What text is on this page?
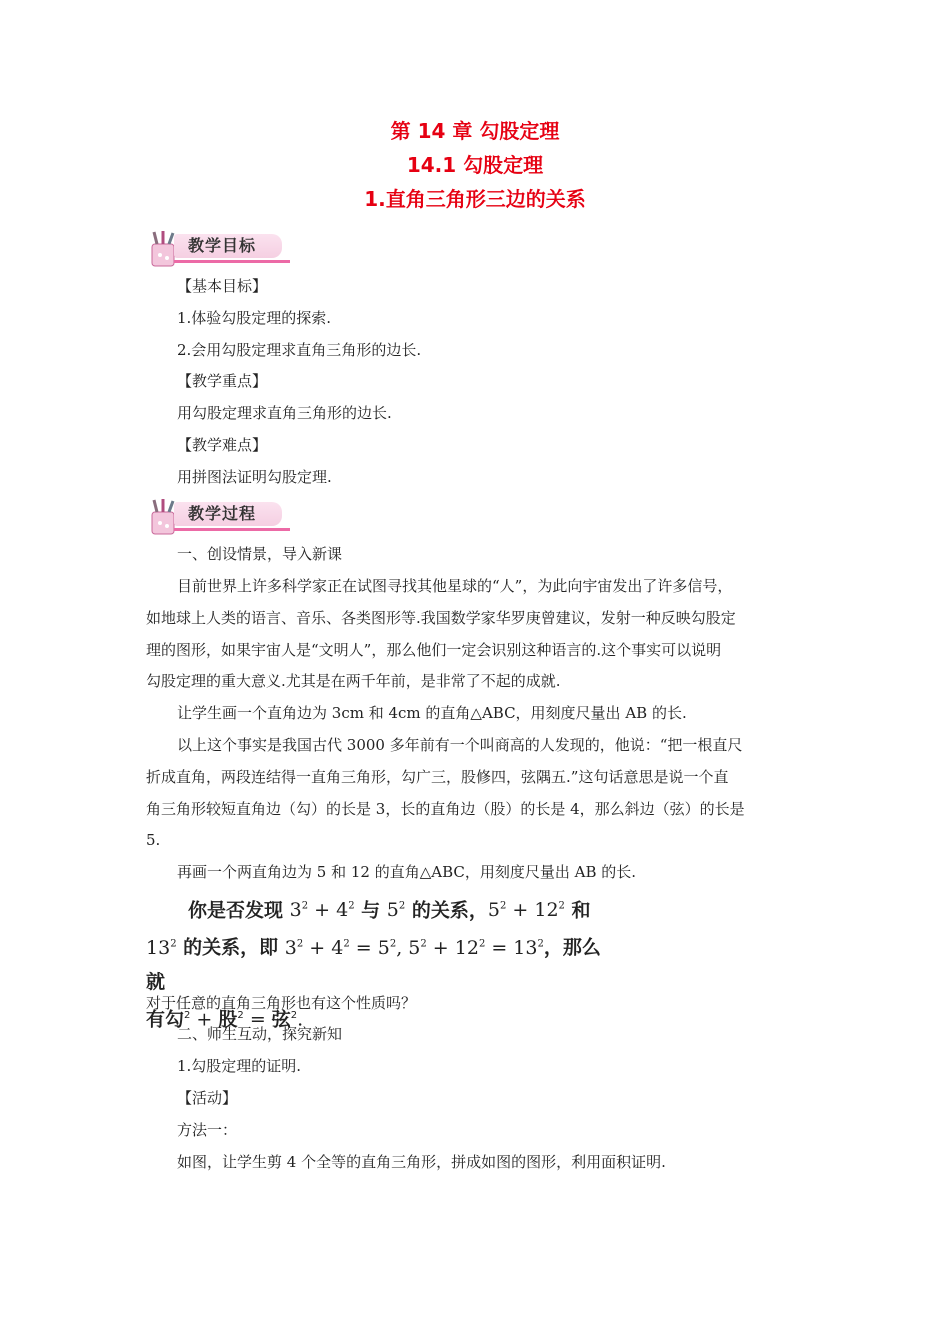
第 14 章 勾股定理
14.1 勾股定理
1.直角三角形三边的关系
教学目标
【基本目标】
1.体验勾股定理的探索.
2.会用勾股定理求直角三角形的边长.
【教学重点】
用勾股定理求直角三角形的边长.
【教学难点】
用拼图法证明勾股定理.
教学过程
一、创设情景，导入新课
目前世界上许多科学家正在试图寻找其他星球的“人”，为此向宇宙发出了许多信号，
如地球上人类的语言、音乐、各类图形等.我国数学家华罗庚曾建议，发射一种反映勾股定
理的图形，如果宇宙人是“文明人”，那么他们一定会识别这种语言的.这个事实可以说明
勾股定理的重大意义.尤其是在两千年前，是非常了不起的成就.
让学生画一个直角边为 3cm 和 4cm 的直角△ABC，用刻度尺量出 AB 的长.
以上这个事实是我国古代 3000 多年前有一个叫商高的人发现的，他说：“把一根直尺
折成直角，两段连结得一直角三角形，勾广三，股修四，弦隅五.”这句话意思是说一个直
角三角形较短直角边（勾）的长是 3，长的直角边（股）的长是 4，那么斜边（弦）的长是
5.
再画一个两直角边为 5 和 12 的直角△ABC，用刻度尺量出 AB 的长.
你是否发现 $3^2 + 4^2$ 与 $5^2$ 的关系，$5^2 + 12^2$ 和
$13^2$ 的关系，即 $3^2 + 4^2 = 5^2$, $5^2 + 12^2 = 13^2$，那么就
有勾$^2$ + 股$^2$ = 弦$^2$.
对于任意的直角三角形也有这个性质吗？
二、师生互动，探究新知
1.勾股定理的证明.
【活动】
方法一：
如图，让学生剪 4 个全等的直角三角形，拼成如图的图形，利用面积证明.
